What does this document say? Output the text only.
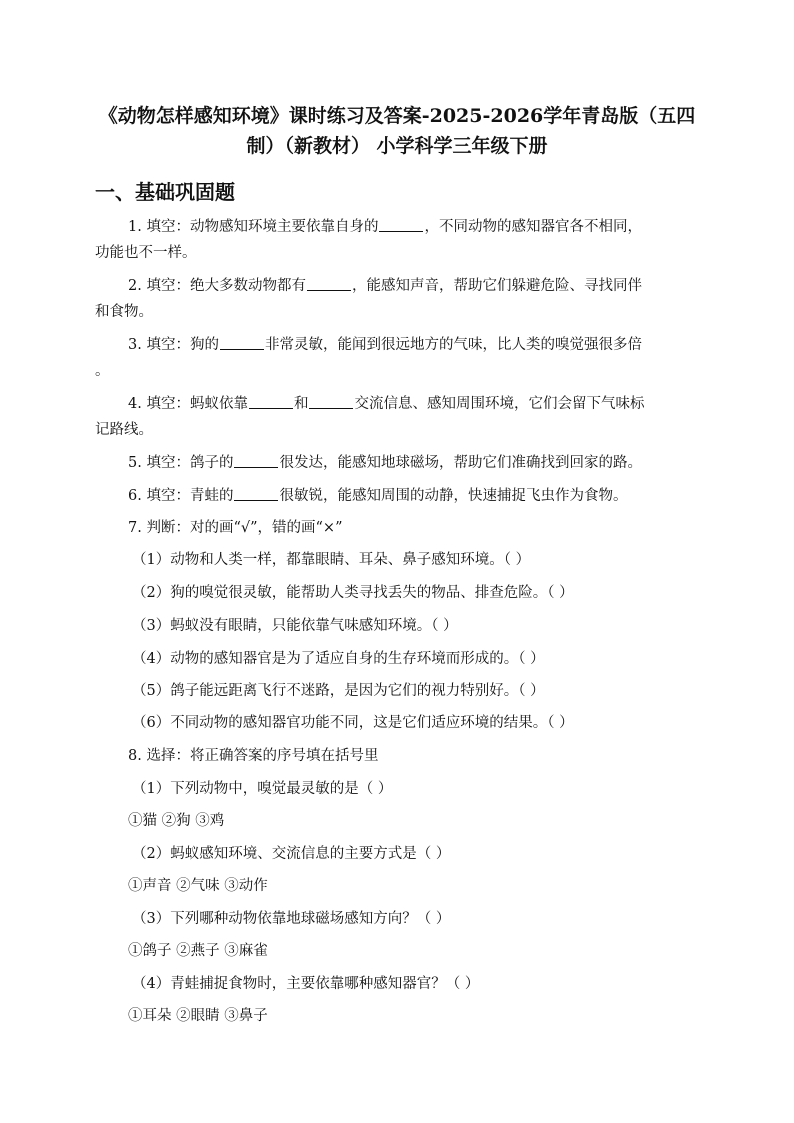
《动物怎样感知环境》课时练习及答案-2025-2026学年青岛版（五四
制）（新教材） 小学科学三年级下册
一、基础巩固题
1. 填空：动物感知环境主要依靠自身的	，不同动物的感知器官各不相同，
功能也不一样。
2. 填空：绝大多数动物都有	，能感知声音，帮助它们躲避危险、寻找同伴
和食物。
3. 填空：狗的	非常灵敏，能闻到很远地方的气味，比人类的嗅觉强很多倍
。
4. 填空：蚂蚁依靠	和	交流信息、感知周围环境，它们会留下气味标
记路线。
5. 填空：鸽子的	很发达，能感知地球磁场，帮助它们准确找到回家的路。
6. 填空：青蛙的	很敏锐，能感知周围的动静，快速捕捉飞虫作为食物。
7. 判断：对的画“√”，错的画“×”
（1）动物和人类一样，都靠眼睛、耳朵、鼻子感知环境。（ ）
（2）狗的嗅觉很灵敏，能帮助人类寻找丢失的物品、排查危险。（ ）
（3）蚂蚁没有眼睛，只能依靠气味感知环境。（ ）
（4）动物的感知器官是为了适应自身的生存环境而形成的。（ ）
（5）鸽子能远距离飞行不迷路，是因为它们的视力特别好。（ ）
（6）不同动物的感知器官功能不同，这是它们适应环境的结果。（ ）
8. 选择：将正确答案的序号填在括号里
（1）下列动物中，嗅觉最灵敏的是（ ）
①猫 ②狗 ③鸡
（2）蚂蚁感知环境、交流信息的主要方式是（ ）
①声音 ②气味 ③动作
（3）下列哪种动物依靠地球磁场感知方向？（ ）
①鸽子 ②燕子 ③麻雀
（4）青蛙捕捉食物时，主要依靠哪种感知器官？（ ）
①耳朵 ②眼睛 ③鼻子
